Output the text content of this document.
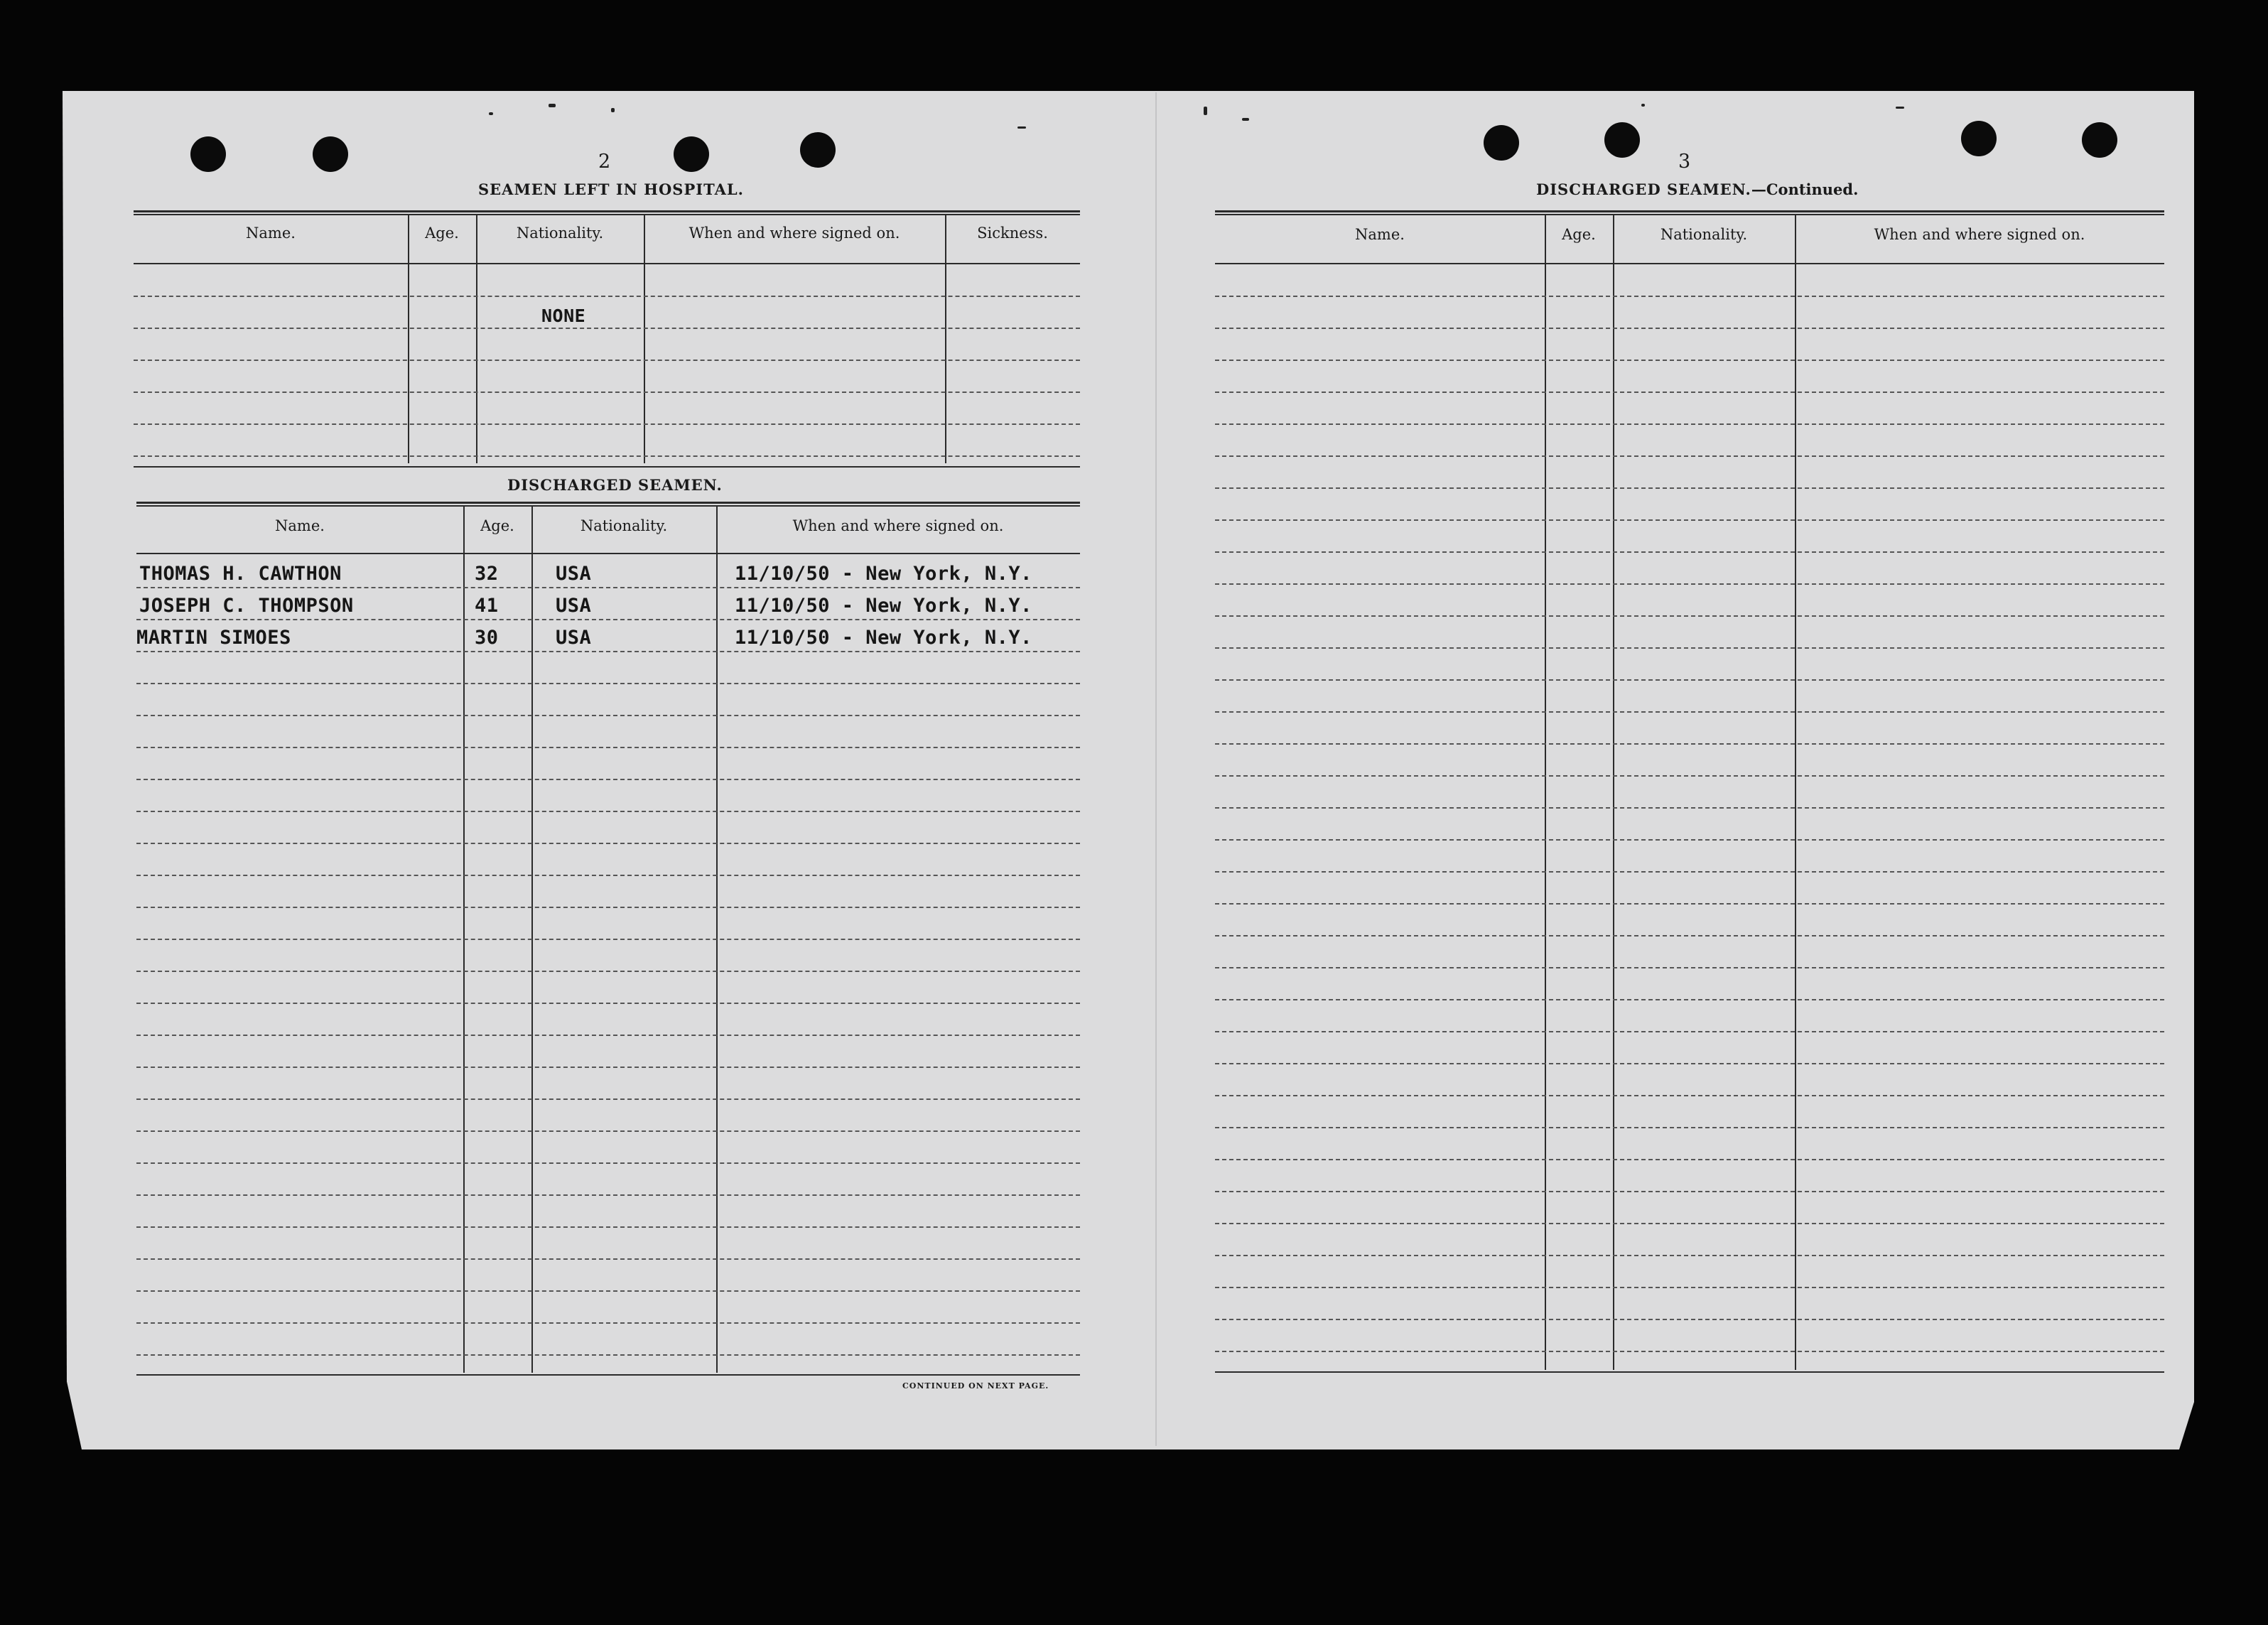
2
SEAMEN LEFT IN HOSPITAL.
Name.	Age.	Nationality.	When and where signed on.	Sickness.
NONE
DISCHARGED SEAMEN.
Name.	Age.	Nationality.	When and where signed on.
THOMAS H. CAWTHON	32	USA	11/10/50 - New York, N.Y.
JOSEPH C. THOMPSON	41	USA	11/10/50 - New York, N.Y.
MARTIN SIMOES	30	USA	11/10/50 - New York, N.Y.
CONTINUED ON NEXT PAGE.
3
DISCHARGED SEAMEN.—Continued.
Name.	Age.	Nationality.	When and where signed on.
